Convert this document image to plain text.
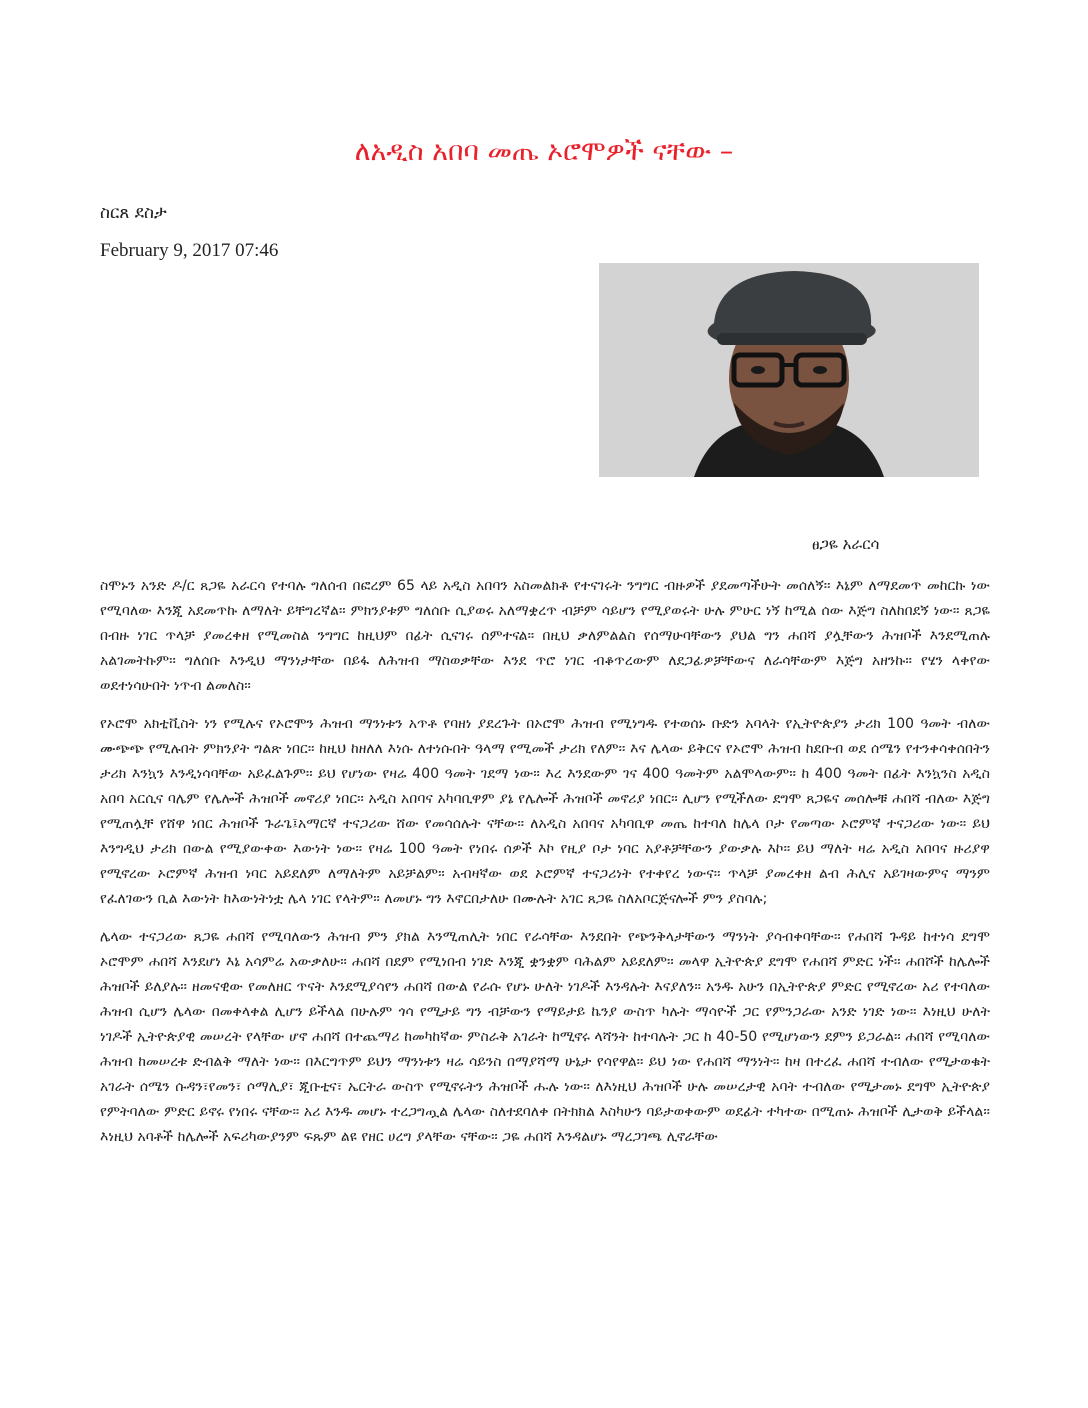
ለአዲስ አበባ መጤ ኦሮሞዎች ናቸው –
ስርጸ ደስታ
February 9, 2017 07:46
ፀጋዬ አራርሳ

ስሞኑን አንድ ዶ/ር ጸጋዬ አራርሳ የተባሉ ግለሰብ በፎረም 65 ላይ አዲስ አበባን አስመልክቶ የተናገሩት ንግግር ብዙዎች ያደመጣችሁት መሰለኝ፡፡ እኔም ለማደመጥ መከርኩ ነው የሚባለው እንጂ አደመጥኩ ለማለት ይቸግረኛል፡፡ ምክንያቱም ግለሰቡ ሲያወሩ አለማቋረጥ ብቻም ሳይሆን የሚያወሩት ሁሉ ምሁር ነኝ ከሚል ሰው እጅግ ስለከበደኝ ነው፡፡ ጸጋዬ በብዙ ነገር ጥላቻ ያመረቀዘ የሚመስል ንግግር ከዚህም በፊት ሲናገሩ ሰምተናል፡፡ በዚህ ቃለምልልስ የሰማሁባቸውን ያህል ግን ሐበሻ ያሏቸውን ሕዝቦች እንደሚጠሉ አልገመትኩም፡፡ ግለሰቡ እንዲህ ማንነታቸው በይፋ ለሕዝብ ማስወቃቸው እንደ ጥሮ ነገር ብቆጥረውም ለደጋፊዎቻቸውና ለራሳቸውም እጅግ አዘንኩ፡፡ የሄን ላቀየው ወደተነሳሁበት ነጥብ ልመለስ፡፡

የኦሮሞ አክቲቪስት ነን የሚሉና የኦሮሞን ሕዝብ ማንነቱን አጥቶ የባዘነ ያደረጉት በኦሮሞ ሕዝብ የሚነግዱ የተወሰኑ ቡድን አባላት የኢትዮጵያን ታሪክ 100 ዓመት ብለው ሙጭጭ የሚሉበት ምክንያት ግልጽ ነበር፡፡ ከዚህ ከዘለለ እነሱ ለተነሱበት ዓላማ የሚመች ታሪክ የለም፡፡ እና ሌላው ይቅርና የኦሮሞ ሕዝብ ከደቡብ ወደ ሰሜን የተንቀሳቀሰበትን ታሪክ እንኳን እንዲነሳባቸው አይፈልጉም፡፡ ይህ የሆነው የዛሬ 400 ዓመት ገደማ ነው፡፡ እረ እንደውም ገና 400 ዓመትም አልሞላውም፡፡ ከ 400 ዓመት በፊት እንኳንስ አዲስ አበባ አርሲና ባሌም የሌሎች ሕዝቦች መኖሪያ ነበር፡፡ አዲስ አበባና አካባቢዋም ያኔ የሌሎች ሕዝቦች መኖሪያ ነበር፡፡ ሊሆን የሚችለው ደግሞ ጸጋዬና መሰሎቹ ሐበሻ ብለው እጅግ የሚጠሏቸ የሸዋ ነበር ሕዝቦች ጉራጌ፤አማርኛ ተናጋሪው ሸው የመሳሰሉት ናቸው፡፡ ለአዲስ አበባና አካባቢዋ መጤ ከተባለ ከሌላ ቦታ የመጣው ኦሮምኛ ተናጋሪው ነው፡፡ ይህ እንግዲህ ታሪክ በውል የሚያውቀው እውነት ነው፡፡ የዛሬ 100 ዓመት የነበሩ ሰዎች እኮ የዚያ ቦታ ነባር አያቶቻቸውን ያውቃሉ እኮ፡፡ ይህ ማለት ዛሬ አዲስ አበባና ዙሪያዋ የሚኖረው ኦሮምኛ ሕዝብ ነባር አይደለም ለማለትም አይቻልም፡፡ አብዛኛው ወደ ኦሮምኛ ተናጋሪነት የተቀየረ ነውና፡፡ ጥላቻ ያመረቀዘ ልብ ሕሊና አይገዛውምና ማንም የፈለገውን ቢል እውነት ከእውነትነቷ ሌላ ነገር የላትም፡፡ ለመሆኑ ግን እኖርበታለሁ በሙሉት አገር ጸጋዬ ስለአቦርጅናሎች ምን ያስባሉ;

ሌላው ተናጋሪው ጸጋዬ ሐበሻ የሚባለውን ሕዝብ ምን ያክል እንሚጠሊት ነበር የራሳቸው እንደበት የጭንቅላታቸውን ማንነት ያሳብቀባቸው፡፡ የሐበሻ ጉዳይ ከተነሳ ደግሞ ኦሮሞም ሐበሻ እንደሆነ እኔ አሳምሬ አውቃለሁ፡፡ ሐበሻ በደም የሚነበብ ነገድ እንጂ ቋንቋም ባሕልም አይደለም፡፡ መላዋ ኢትዮጵያ ደግሞ የሐበሻ ምድር ነች፡፡ ሐበሾች ከሌሎች ሕዝቦች ይለያሉ፡፡ ዘመናዊው የመለዘር ጥናት እንደሚያሳየን ሐበሻ በውል የራሱ የሆኑ ሁለት ነገዶች እንዳሉት እናያለን፡፡ አንዱ አሁን በኢትዮጵያ ምድር የሚኖረው አሪ የተባለው ሕዝብ ሲሆን ሌላው በመቀላቀል ሊሆን ይችላል በሁሉም ጎሳ የሚታይ ግን ብቻውን የማይታይ ኬንያ ውስጥ ካሉት ማሳዮች ጋር የምንጋራው አንድ ነገድ ነው፡፡ እነዚህ ሁለት ነገዶች ኢትዮጵያዊ መሠረት የላቸው ሆኖ ሐበሻ በተጨማሪ ከመካከኛው ምስራቅ አገራት ከሚኖሩ ላሻንት ከተባሉት ጋር ከ 40-50 የሚሆነውን ደምን ይጋራል፡፡ ሐበሻ የሚባለው ሕዝብ ከመሠረቱ ድብልቅ ማለት ነው፡፡ በእርግጥም ይህን ማንነቱን ዛሬ ሳይንስ በማያሻማ ሁኔታ የሳየዋል፡፡ ይህ ነው የሐበሻ ማንነት፡፡ ከዛ በተረፈ ሐበሻ ተብለው የሚታወቁት አገራት ሰሜን ሱዳን፣የመን፣ ሶማሊያ፣ ጂቡቲና፣ ኤርትራ ውስጥ የሚኖሩትን ሕዝቦች ሑሉ ነው፡፡ ለእነዚህ ሕዝቦች ሁሉ መሠረታዊ አባት ተብለው የሚታመኑ ደግሞ ኢትዮጵያ የምትባለው ምድር ይኖሩ የነበሩ ናቸው፡፡ አሪ እንዱ መሆኑ ተረጋግጧል ሌላው ስለተደባለቀ በትክክል እስካሁን ባይታወቀውም ወደፊት ተካተው በሚጠኑ ሕዝቦች ሊታወቅ ይችላል፡፡ እነዚህ አባቶች ከሌሎች አፍሪካውያንም ፍጹም ልዩ የዘር ሀረግ ያላቸው ናቸው፡፡ ጋዬ ሐበሻ እንዳልሆኑ ማረጋገጫ ሊኖራቸው
